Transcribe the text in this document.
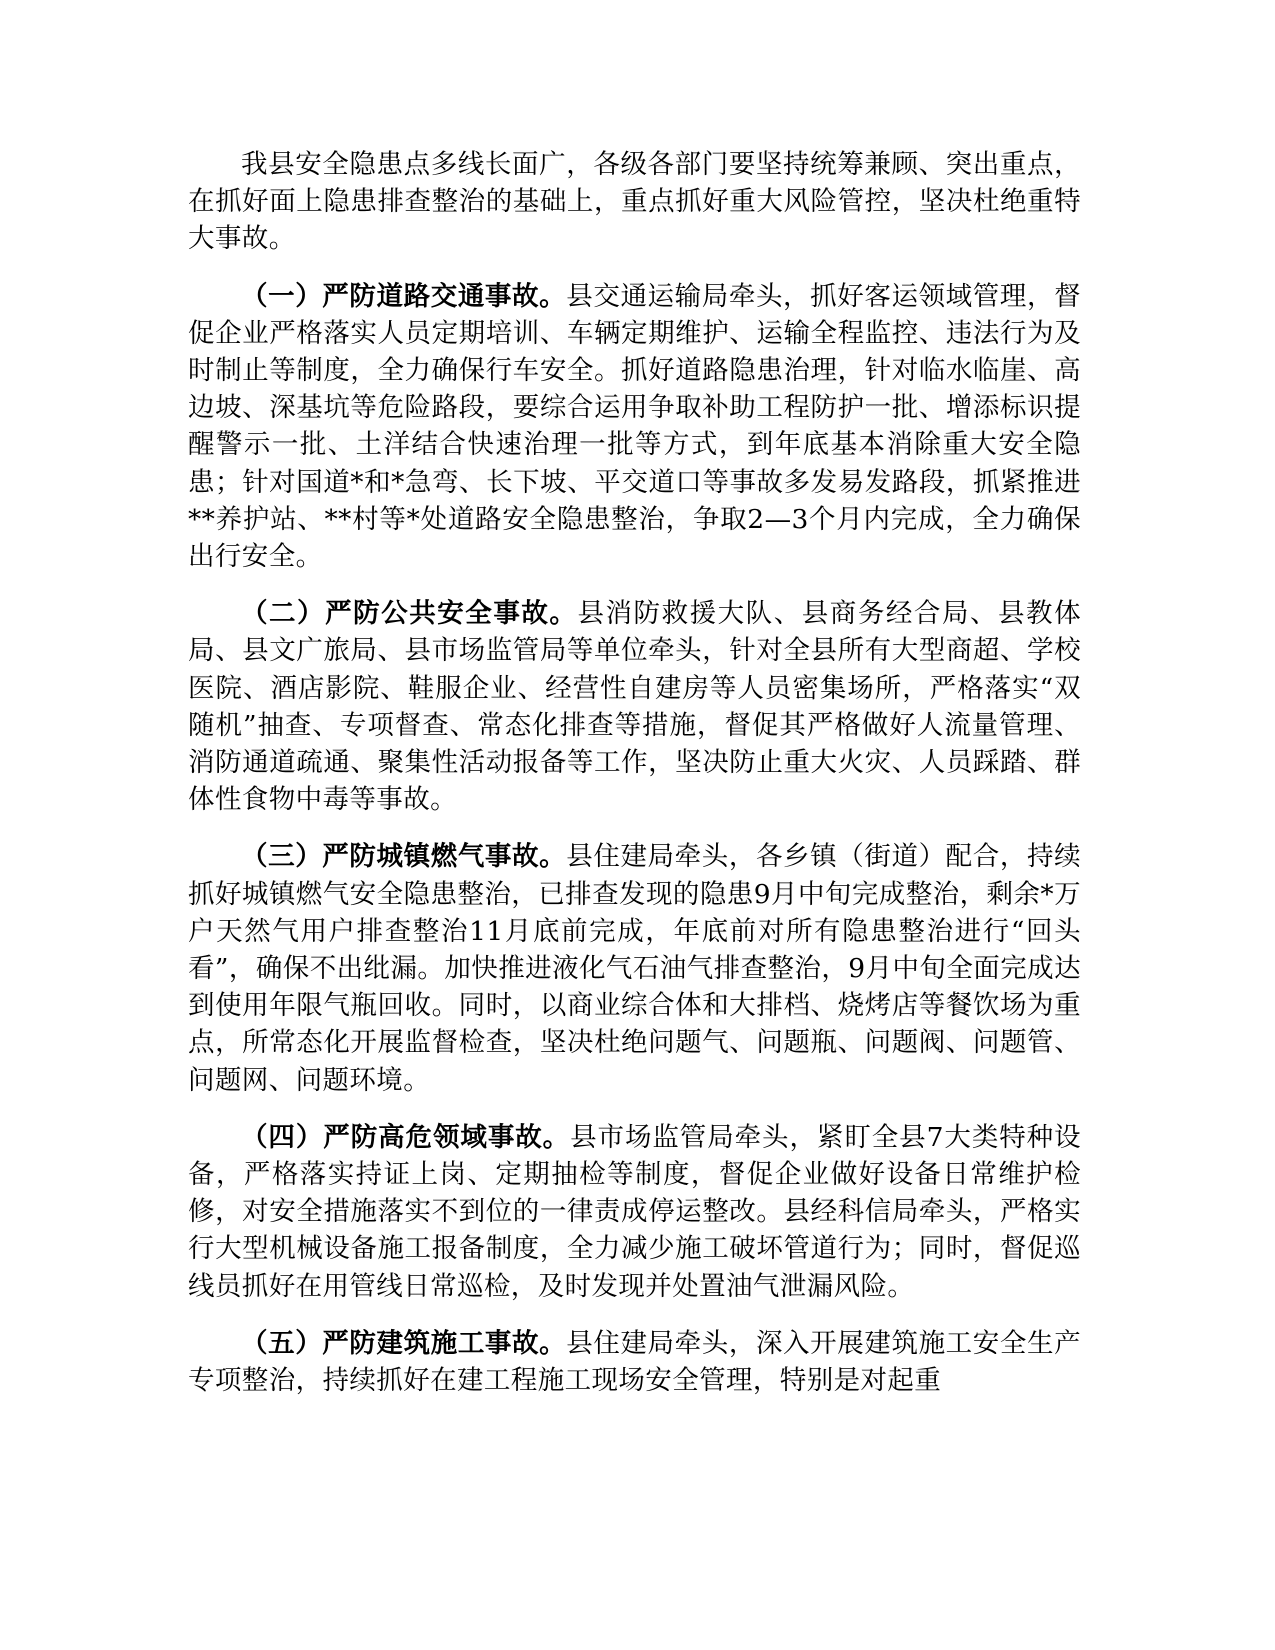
我县安全隐患点多线长面广，各级各部门要坚持统筹兼顾、突出重点，在抓好面上隐患排查整治的基础上，重点抓好重大风险管控，坚决杜绝重特大事故。

（一）严防道路交通事故。县交通运输局牵头，抓好客运领域管理，督促企业严格落实人员定期培训、车辆定期维护、运输全程监控、违法行为及时制止等制度，全力确保行车安全。抓好道路隐患治理，针对临水临崖、高边坡、深基坑等危险路段，要综合运用争取补助工程防护一批、增添标识提醒警示一批、土洋结合快速治理一批等方式，到年底基本消除重大安全隐患；针对国道*和*急弯、长下坡、平交道口等事故多发易发路段，抓紧推进**养护站、**村等*处道路安全隐患整治，争取2—3个月内完成，全力确保出行安全。

（二）严防公共安全事故。县消防救援大队、县商务经合局、县教体局、县文广旅局、县市场监管局等单位牵头，针对全县所有大型商超、学校医院、酒店影院、鞋服企业、经营性自建房等人员密集场所，严格落实“双随机”抽查、专项督查、常态化排查等措施，督促其严格做好人流量管理、消防通道疏通、聚集性活动报备等工作，坚决防止重大火灾、人员踩踏、群体性食物中毒等事故。

（三）严防城镇燃气事故。县住建局牵头，各乡镇（街道）配合，持续抓好城镇燃气安全隐患整治，已排查发现的隐患9月中旬完成整治，剩余*万户天然气用户排查整治11月底前完成，年底前对所有隐患整治进行“回头看”，确保不出纰漏。加快推进液化气石油气排查整治，9月中旬全面完成达到使用年限气瓶回收。同时，以商业综合体和大排档、烧烤店等餐饮场为重点，所常态化开展监督检查，坚决杜绝问题气、问题瓶、问题阀、问题管、问题网、问题环境。

（四）严防高危领域事故。县市场监管局牵头，紧盯全县7大类特种设备，严格落实持证上岗、定期抽检等制度，督促企业做好设备日常维护检修，对安全措施落实不到位的一律责成停运整改。县经科信局牵头，严格实行大型机械设备施工报备制度，全力减少施工破坏管道行为；同时，督促巡线员抓好在用管线日常巡检，及时发现并处置油气泄漏风险。

（五）严防建筑施工事故。县住建局牵头，深入开展建筑施工安全生产专项整治，持续抓好在建工程施工现场安全管理，特别是对起重
